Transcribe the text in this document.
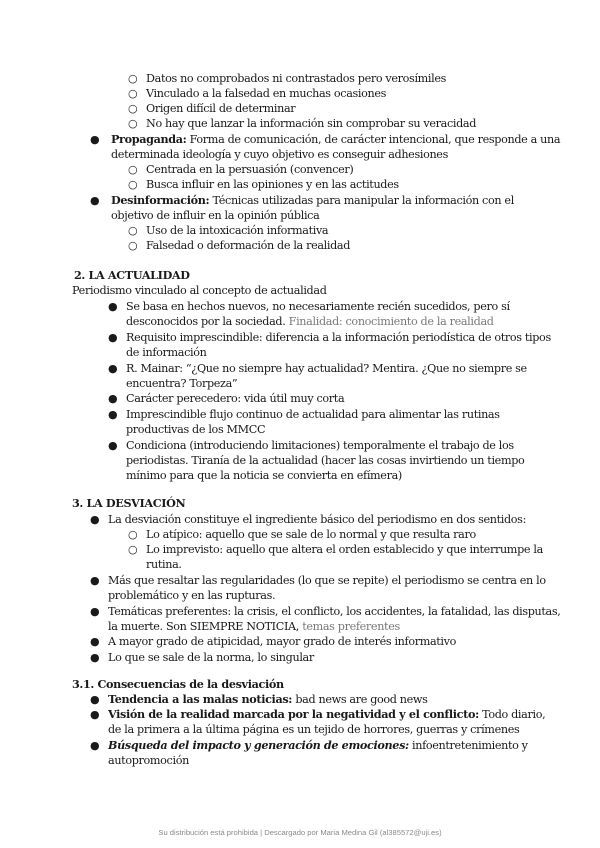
○ Datos no comprobados ni contrastados pero verosímiles
○ Vinculado a la falsedad en muchas ocasiones
○ Origen difícil de determinar
○ No hay que lanzar la información sin comprobar su veracidad
● Propaganda: Forma de comunicación, de carácter intencional, que responde a una
determinada ideología y cuyo objetivo es conseguir adhesiones
○ Centrada en la persuasión (convencer)
○ Busca influir en las opiniones y en las actitudes
● Desinformación: Técnicas utilizadas para manipular la información con el
objetivo de influir en la opinión pública
○ Uso de la intoxicación informativa
○ Falsedad o deformación de la realidad
2. LA ACTUALIDAD
Periodismo vinculado al concepto de actualidad
● Se basa en hechos nuevos, no necesariamente recién sucedidos, pero sí
desconocidos por la sociedad. Finalidad: conocimiento de la realidad
● Requisito imprescindible: diferencia a la información periodística de otros tipos
de información
● R. Mainar: “¿Que no siempre hay actualidad? Mentira. ¿Que no siempre se
encuentra? Torpeza”
● Carácter perecedero: vida útil muy corta
● Imprescindible flujo continuo de actualidad para alimentar las rutinas
productivas de los MMCC
● Condiciona (introduciendo limitaciones) temporalmente el trabajo de los
periodistas. Tiranía de la actualidad (hacer las cosas invirtiendo un tiempo
mínimo para que la noticia se convierta en efímera)
3. LA DESVIACIÓN
● La desviación constituye el ingrediente básico del periodismo en dos sentidos:
○ Lo atípico: aquello que se sale de lo normal y que resulta raro
○ Lo imprevisto: aquello que altera el orden establecido y que interrumpe la
rutina.
● Más que resaltar las regularidades (lo que se repite) el periodismo se centra en lo
problemático y en las rupturas.
● Temáticas preferentes: la crisis, el conflicto, los accidentes, la fatalidad, las disputas,
la muerte. Son SIEMPRE NOTICIA, temas preferentes
● A mayor grado de atipicidad, mayor grado de interés informativo
● Lo que se sale de la norma, lo singular
3.1. Consecuencias de la desviación
● Tendencia a las malas noticias: bad news are good news
● Visión de la realidad marcada por la negatividad y el conflicto: Todo diario,
de la primera a la última página es un tejido de horrores, guerras y crímenes
● Búsqueda del impacto y generación de emociones: infoentretenimiento y
autopromoción
Su distribución está prohibida | Descargado por Maria Medina Gil (al385572@uji.es)
